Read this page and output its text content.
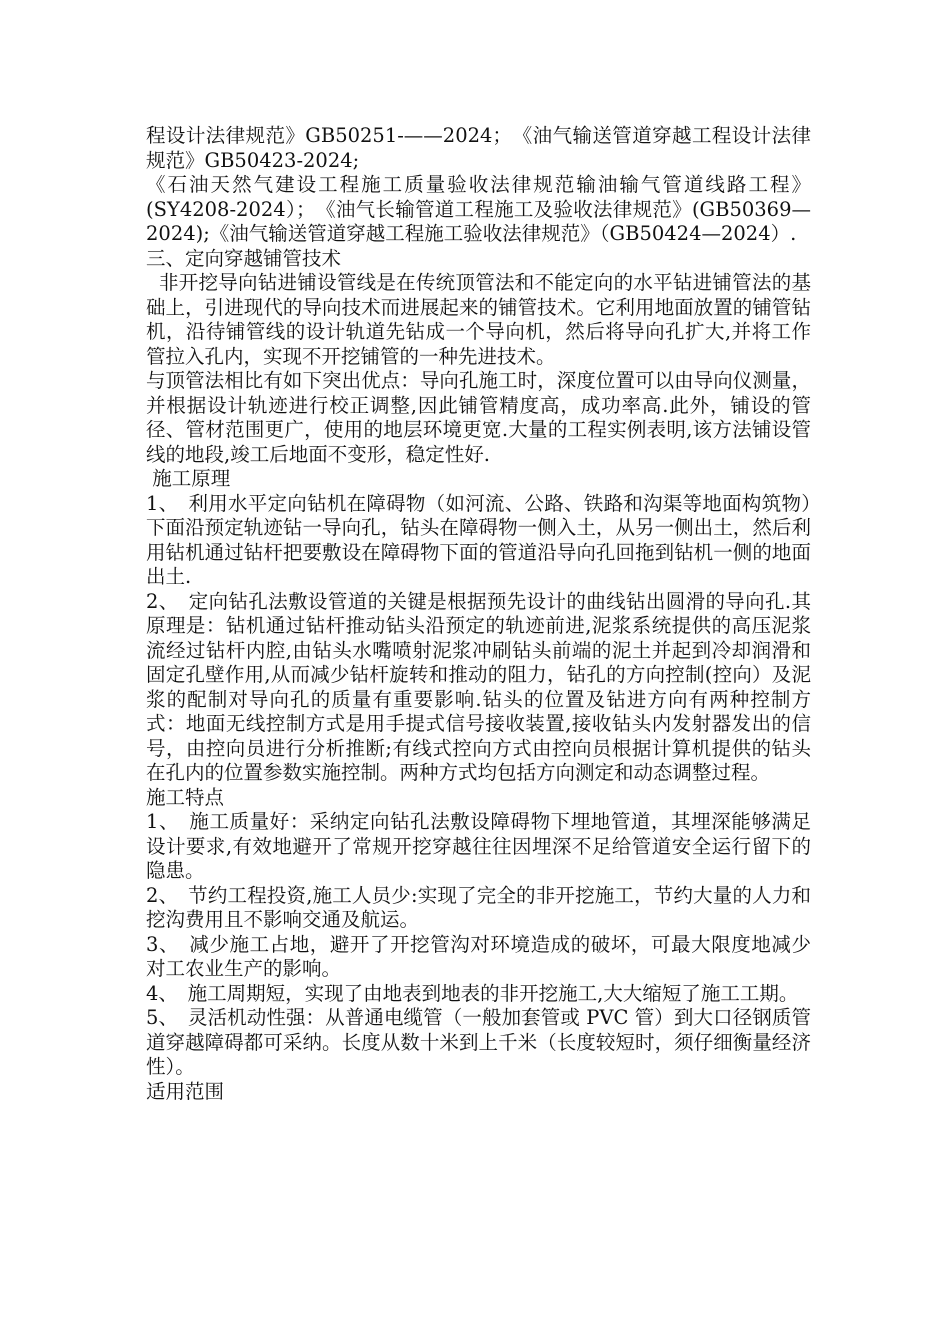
程设计法律规范》GB50251-——2024；　《油气输送管道穿越工程设计法律规范》GB50423-2024;

《石油天然气建设工程施工质量验收法律规范输油输气管道线路工程》(SY4208-2024）；　《油气长输管道工程施工及验收法律规范》(GB50369—2024);《油气输送管道穿越工程施工验收法律规范》（GB50424—2024）.

三、定向穿越铺管技术

非开挖导向钻进铺设管线是在传统顶管法和不能定向的水平钻进铺管法的基础上，引进现代的导向技术而进展起来的铺管技术。它利用地面放置的铺管钻机，沿待铺管线的设计轨道先钻成一个导向机，然后将导向孔扩大,并将工作管拉入孔内，实现不开挖铺管的一种先进技术。

与顶管法相比有如下突出优点：导向孔施工时，深度位置可以由导向仪测量，并根据设计轨迹进行校正调整,因此铺管精度高，成功率高.此外，铺设的管径、管材范围更广，使用的地层环境更宽.大量的工程实例表明,该方法铺设管线的地段,竣工后地面不变形，稳定性好.

施工原理

1、　利用水平定向钻机在障碍物（如河流、公路、铁路和沟渠等地面构筑物）下面沿预定轨迹钻一导向孔，钻头在障碍物一侧入土，从另一侧出土，然后利用钻机通过钻杆把要敷设在障碍物下面的管道沿导向孔回拖到钻机一侧的地面出土.

2、　定向钻孔法敷设管道的关键是根据预先设计的曲线钻出圆滑的导向孔.其原理是：钻机通过钻杆推动钻头沿预定的轨迹前进,泥浆系统提供的高压泥浆流经过钻杆内腔,由钻头水嘴喷射泥浆冲刷钻头前端的泥土并起到冷却润滑和固定孔壁作用,从而减少钻杆旋转和推动的阻力，钻孔的方向控制(控向）及泥浆的配制对导向孔的质量有重要影响.钻头的位置及钻进方向有两种控制方式：地面无线控制方式是用手提式信号接收装置,接收钻头内发射器发出的信号，由控向员进行分析推断;有线式控向方式由控向员根据计算机提供的钻头在孔内的位置参数实施控制。两种方式均包括方向测定和动态调整过程。

施工特点

1、　施工质量好：采纳定向钻孔法敷设障碍物下埋地管道，其埋深能够满足设计要求,有效地避开了常规开挖穿越往往因埋深不足给管道安全运行留下的隐患。

2、　节约工程投资,施工人员少:实现了完全的非开挖施工，节约大量的人力和挖沟费用且不影响交通及航运。

3、　减少施工占地，避开了开挖管沟对环境造成的破坏，可最大限度地减少对工农业生产的影响。

4、　施工周期短，实现了由地表到地表的非开挖施工,大大缩短了施工工期。

5、　灵活机动性强：从普通电缆管（一般加套管或 PVC 管）到大口径钢质管道穿越障碍都可采纳。长度从数十米到上千米（长度较短时，须仔细衡量经济性）。

适用范围
